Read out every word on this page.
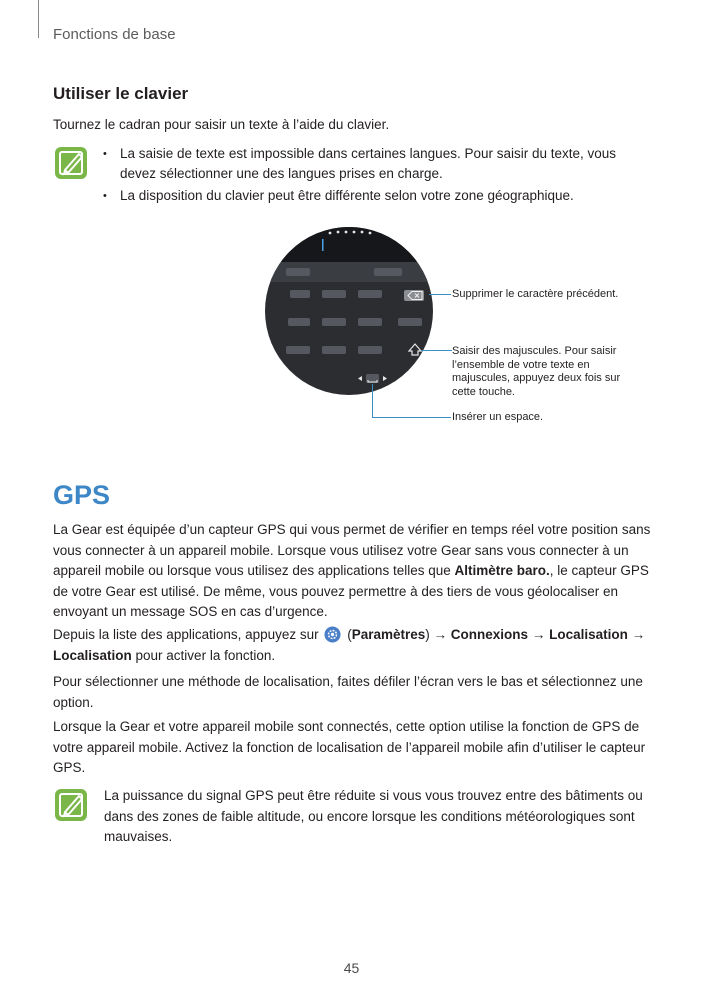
Fonctions de base
Utiliser le clavier
Tournez le cadran pour saisir un texte à l’aide du clavier.
• La saisie de texte est impossible dans certaines langues. Pour saisir du texte, vous devez sélectionner une des langues prises en charge.
• La disposition du clavier peut être différente selon votre zone géographique.
Supprimer le caractère précédent.
Saisir des majuscules. Pour saisir l’ensemble de votre texte en majuscules, appuyez deux fois sur cette touche.
Insérer un espace.
GPS
La Gear est équipée d’un capteur GPS qui vous permet de vérifier en temps réel votre position sans vous connecter à un appareil mobile. Lorsque vous utilisez votre Gear sans vous connecter à un appareil mobile ou lorsque vous utilisez des applications telles que Altimètre baro., le capteur GPS de votre Gear est utilisé. De même, vous pouvez permettre à des tiers de vous géolocaliser en envoyant un message SOS en cas d’urgence.
Depuis la liste des applications, appuyez sur (Paramètres) → Connexions → Localisation → Localisation pour activer la fonction.
Pour sélectionner une méthode de localisation, faites défiler l’écran vers le bas et sélectionnez une option.
Lorsque la Gear et votre appareil mobile sont connectés, cette option utilise la fonction de GPS de votre appareil mobile. Activez la fonction de localisation de l’appareil mobile afin d’utiliser le capteur GPS.
La puissance du signal GPS peut être réduite si vous vous trouvez entre des bâtiments ou dans des zones de faible altitude, ou encore lorsque les conditions météorologiques sont mauvaises.
45
